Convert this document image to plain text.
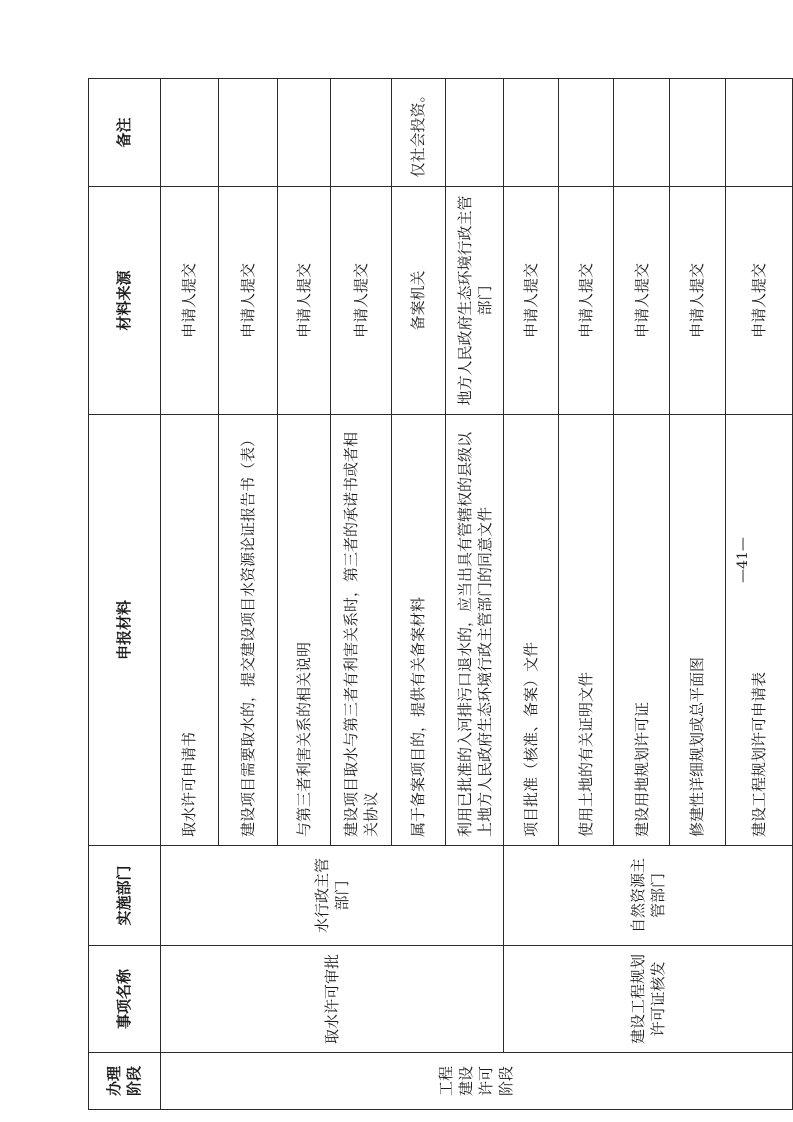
办理阶段	事项名称	实施部门	申报材料	材料来源	备注
工程建设许可阶段	取水许可审批	水行政主管部门	取水许可申请书	申请人提交	
			建设项目需要取水的，提交建设项目水资源论证报告书（表）	申请人提交	
			与第三者利害关系的相关说明	申请人提交	
			建设项目取水与第三者有利害关系时，第三者的承诺书或者相关协议	申请人提交	
			属于备案项目的，提供有关备案材料	备案机关	仅社会投资。
			利用已批准的入河排污口退水的，应当出具有管辖权的县级以上地方人民政府生态环境行政主管部门的同意文件	地方人民政府生态环境行政主管部门	
	建设工程规划许可证核发	自然资源主管部门	项目批准（核准、备案）文件	申请人提交	
			使用土地的有关证明文件	申请人提交	
			建设用地规划许可证	申请人提交	
			修建性详细规划或总平面图	申请人提交	
			建设工程规划许可申请表	申请人提交	
—41—
